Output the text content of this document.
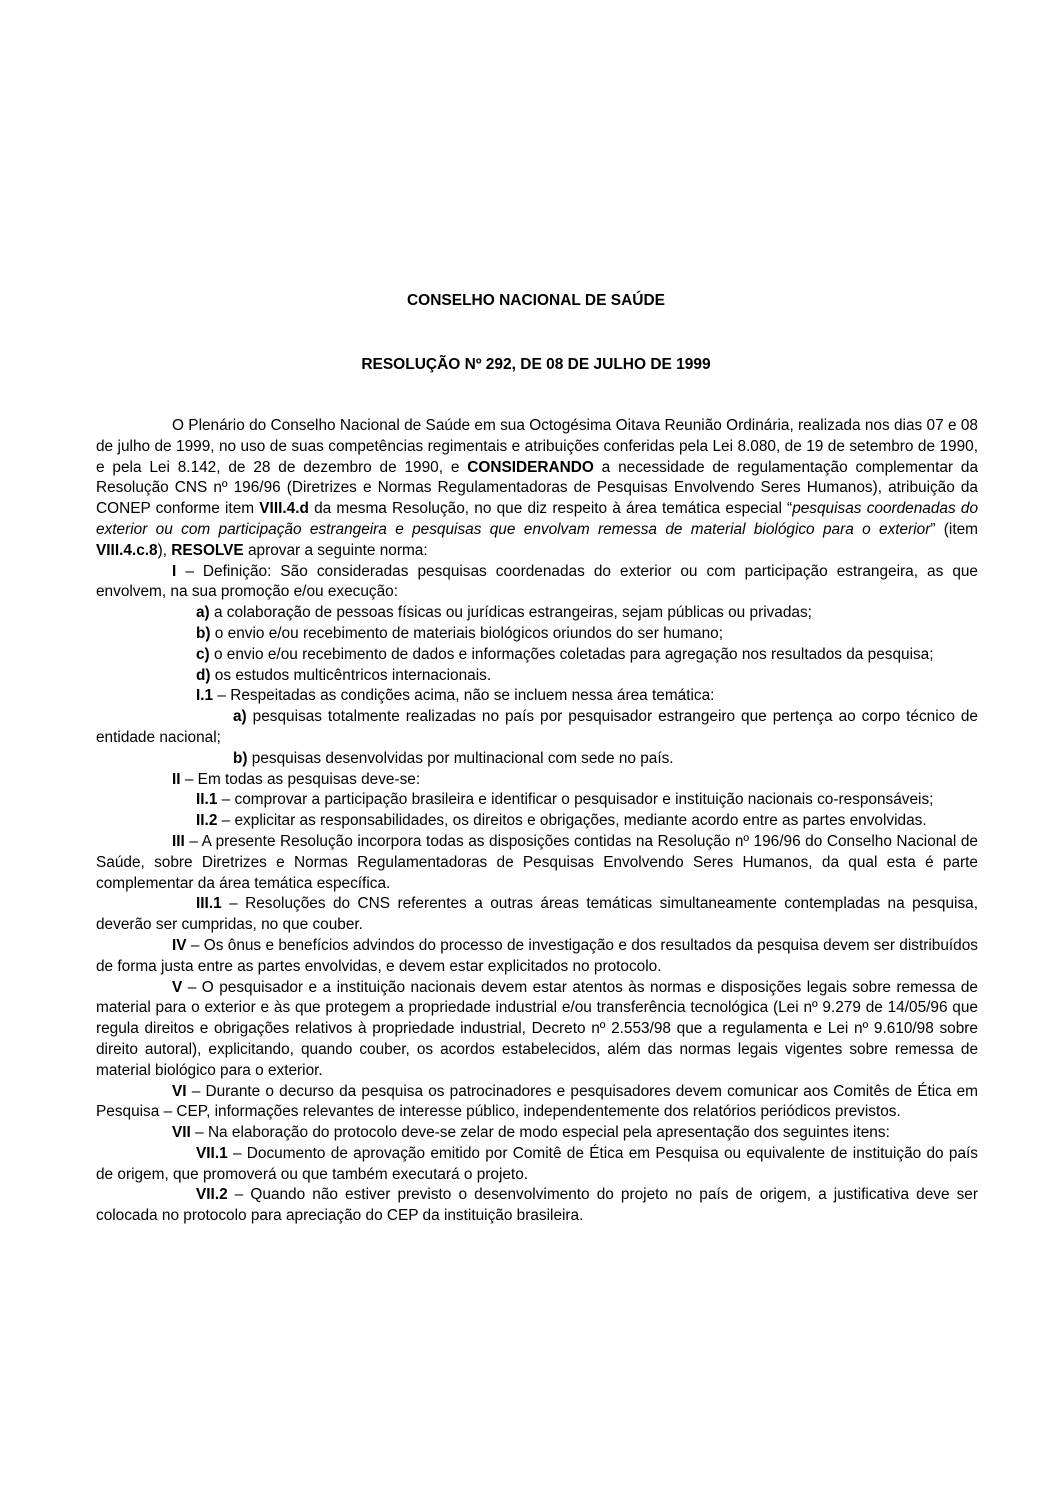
CONSELHO NACIONAL DE SAÚDE
RESOLUÇÃO Nº 292, DE 08 DE JULHO DE 1999

O Plenário do Conselho Nacional de Saúde em sua Octogésima Oitava Reunião Ordinária, realizada nos dias 07 e 08 de julho de 1999, no uso de suas competências regimentais e atribuições conferidas pela Lei 8.080, de 19 de setembro de 1990, e pela Lei 8.142, de 28 de dezembro de 1990, e CONSIDERANDO a necessidade de regulamentação complementar da Resolução CNS nº 196/96 (Diretrizes e Normas Regulamentadoras de Pesquisas Envolvendo Seres Humanos), atribuição da CONEP conforme item VIII.4.d da mesma Resolução, no que diz respeito à área temática especial “pesquisas coordenadas do exterior ou com participação estrangeira e pesquisas que envolvam remessa de material biológico para o exterior” (item VIII.4.c.8), RESOLVE aprovar a seguinte norma:

I – Definição: São consideradas pesquisas coordenadas do exterior ou com participação estrangeira, as que envolvem, na sua promoção e/ou execução:

a) a colaboração de pessoas físicas ou jurídicas estrangeiras, sejam públicas ou privadas;

b) o envio e/ou recebimento de materiais biológicos oriundos do ser humano;

c) o envio e/ou recebimento de dados e informações coletadas para agregação nos resultados da pesquisa;

d) os estudos multicêntricos internacionais.

I.1 – Respeitadas as condições acima, não se incluem nessa área temática:

a) pesquisas totalmente realizadas no país por pesquisador estrangeiro que pertença ao corpo técnico de entidade nacional;

b) pesquisas desenvolvidas por multinacional com sede no país.

II – Em todas as pesquisas deve-se:

II.1 – comprovar a participação brasileira e identificar o pesquisador e instituição nacionais co-responsáveis;

II.2 – explicitar as responsabilidades, os direitos e obrigações, mediante acordo entre as partes envolvidas.

III – A presente Resolução incorpora todas as disposições contidas na Resolução nº 196/96 do Conselho Nacional de Saúde, sobre Diretrizes e Normas Regulamentadoras de Pesquisas Envolvendo Seres Humanos, da qual esta é parte complementar da área temática específica.

III.1 – Resoluções do CNS referentes a outras áreas temáticas simultaneamente contempladas na pesquisa, deverão ser cumpridas, no que couber.

IV – Os ônus e benefícios advindos do processo de investigação e dos resultados da pesquisa devem ser distribuídos de forma justa entre as partes envolvidas, e devem estar explicitados no protocolo.

V – O pesquisador e a instituição nacionais devem estar atentos às normas e disposições legais sobre remessa de material para o exterior e às que protegem a propriedade industrial e/ou transferência tecnológica (Lei nº 9.279 de 14/05/96 que regula direitos e obrigações relativos à propriedade industrial, Decreto nº 2.553/98 que a regulamenta e Lei nº 9.610/98 sobre direito autoral), explicitando, quando couber, os acordos estabelecidos, além das normas legais vigentes sobre remessa de material biológico para o exterior.

VI – Durante o decurso da pesquisa os patrocinadores e pesquisadores devem comunicar aos Comitês de Ética em Pesquisa – CEP, informações relevantes de interesse público, independentemente dos relatórios periódicos previstos.

VII – Na elaboração do protocolo deve-se zelar de modo especial pela apresentação dos seguintes itens:

VII.1 – Documento de aprovação emitido por Comitê de Ética em Pesquisa ou equivalente de instituição do país de origem, que promoverá ou que também executará o projeto.

VII.2 – Quando não estiver previsto o desenvolvimento do projeto no país de origem, a justificativa deve ser colocada no protocolo para apreciação do CEP da instituição brasileira.
